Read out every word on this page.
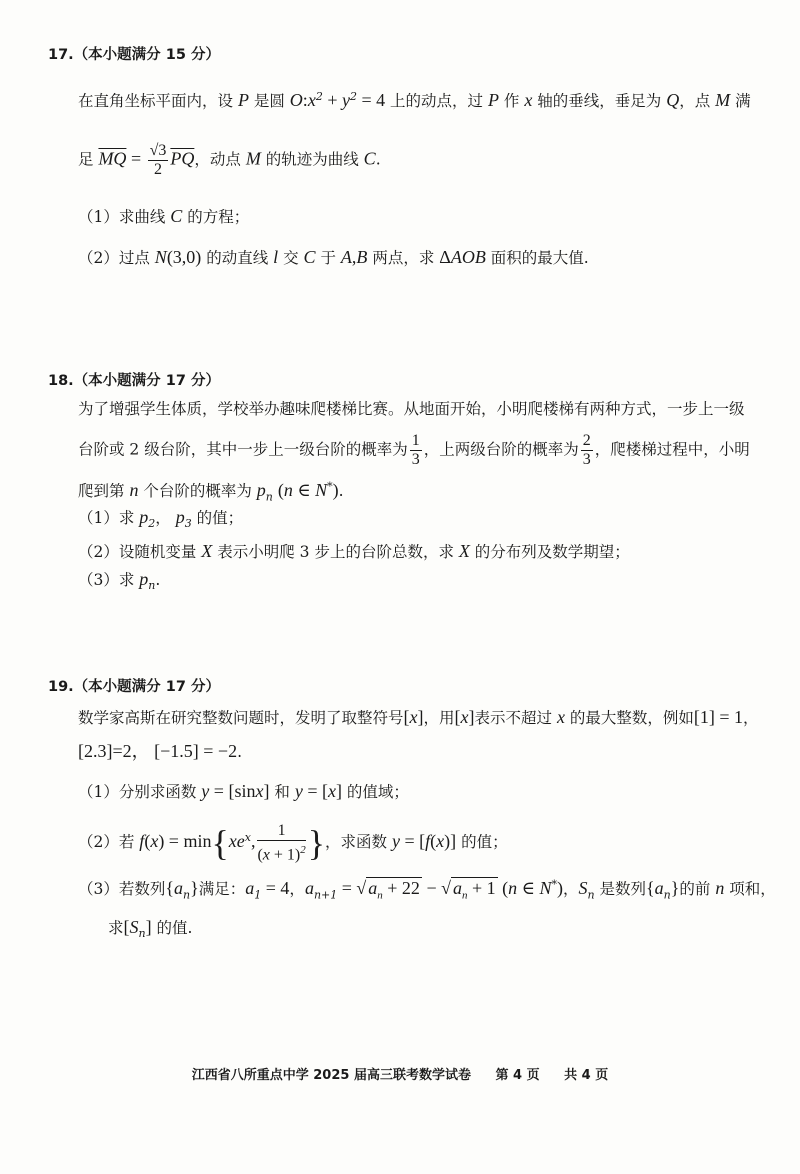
17.（本小题满分 15 分）
在直角坐标平面内，设 P 是圆 $O:x^2 + y^2 = 4$ 上的动点，过 P 作 x 轴的垂线，垂足为 Q，点 M 满
足 $\overline{MQ} = \frac{√3}{2} \overline{PQ}$，动点 M 的轨迹为曲线 C.
（1）求曲线 C 的方程；
（2）过点 N(3,0) 的动直线 l 交 C 于 A,B 两点，求 ΔAOB 面积的最大值.
18.（本小题满分 17 分）
为了增强学生体质，学校举办趣味爬楼梯比赛。从地面开始，小明爬楼梯有两种方式，一步上一级
台阶或 2 级台阶，其中一步上一级台阶的概率为 $\frac{1}{3}$ ，上两级台阶的概率为 $\frac{2}{3}$ ，爬楼梯过程中，小明
爬到第 n 个台阶的概率为 $p_n$ (n ∈ N*).
（1）求 $p_2$， $p_3$ 的值；
（2）设随机变量 X 表示小明爬 3 步上的台阶总数，求 X 的分布列及数学期望；
（3）求 $p_n$.
19.（本小题满分 17 分）
数学家高斯在研究整数问题时，发明了取整符号[x]，用[x]表示不超过 x 的最大整数，例如[1] = 1，
[2.3]=2， [−1.5] = −2.
（1）分别求函数 y = [sinx] 和 y = [x] 的值域；
（2）若 $f(x) = \min\{xe^x$, $\frac{1}{(x + 1)^2}$ }，求函数 y = [f(x)] 的值；
（3）若数列$\{a_n\}$满足：$a_1 = 4$，$a_{n+1}$ = √ $a_n + 22$ − √ $a_n + 1$ (n ∈ N*)，$S_n$ 是数列$\{a_n\}$的前 n 项和，
求$[S_n]$ 的值.
江西省八所重点中学 2025 届高三联考数学试卷 第 4 页 共 4 页
